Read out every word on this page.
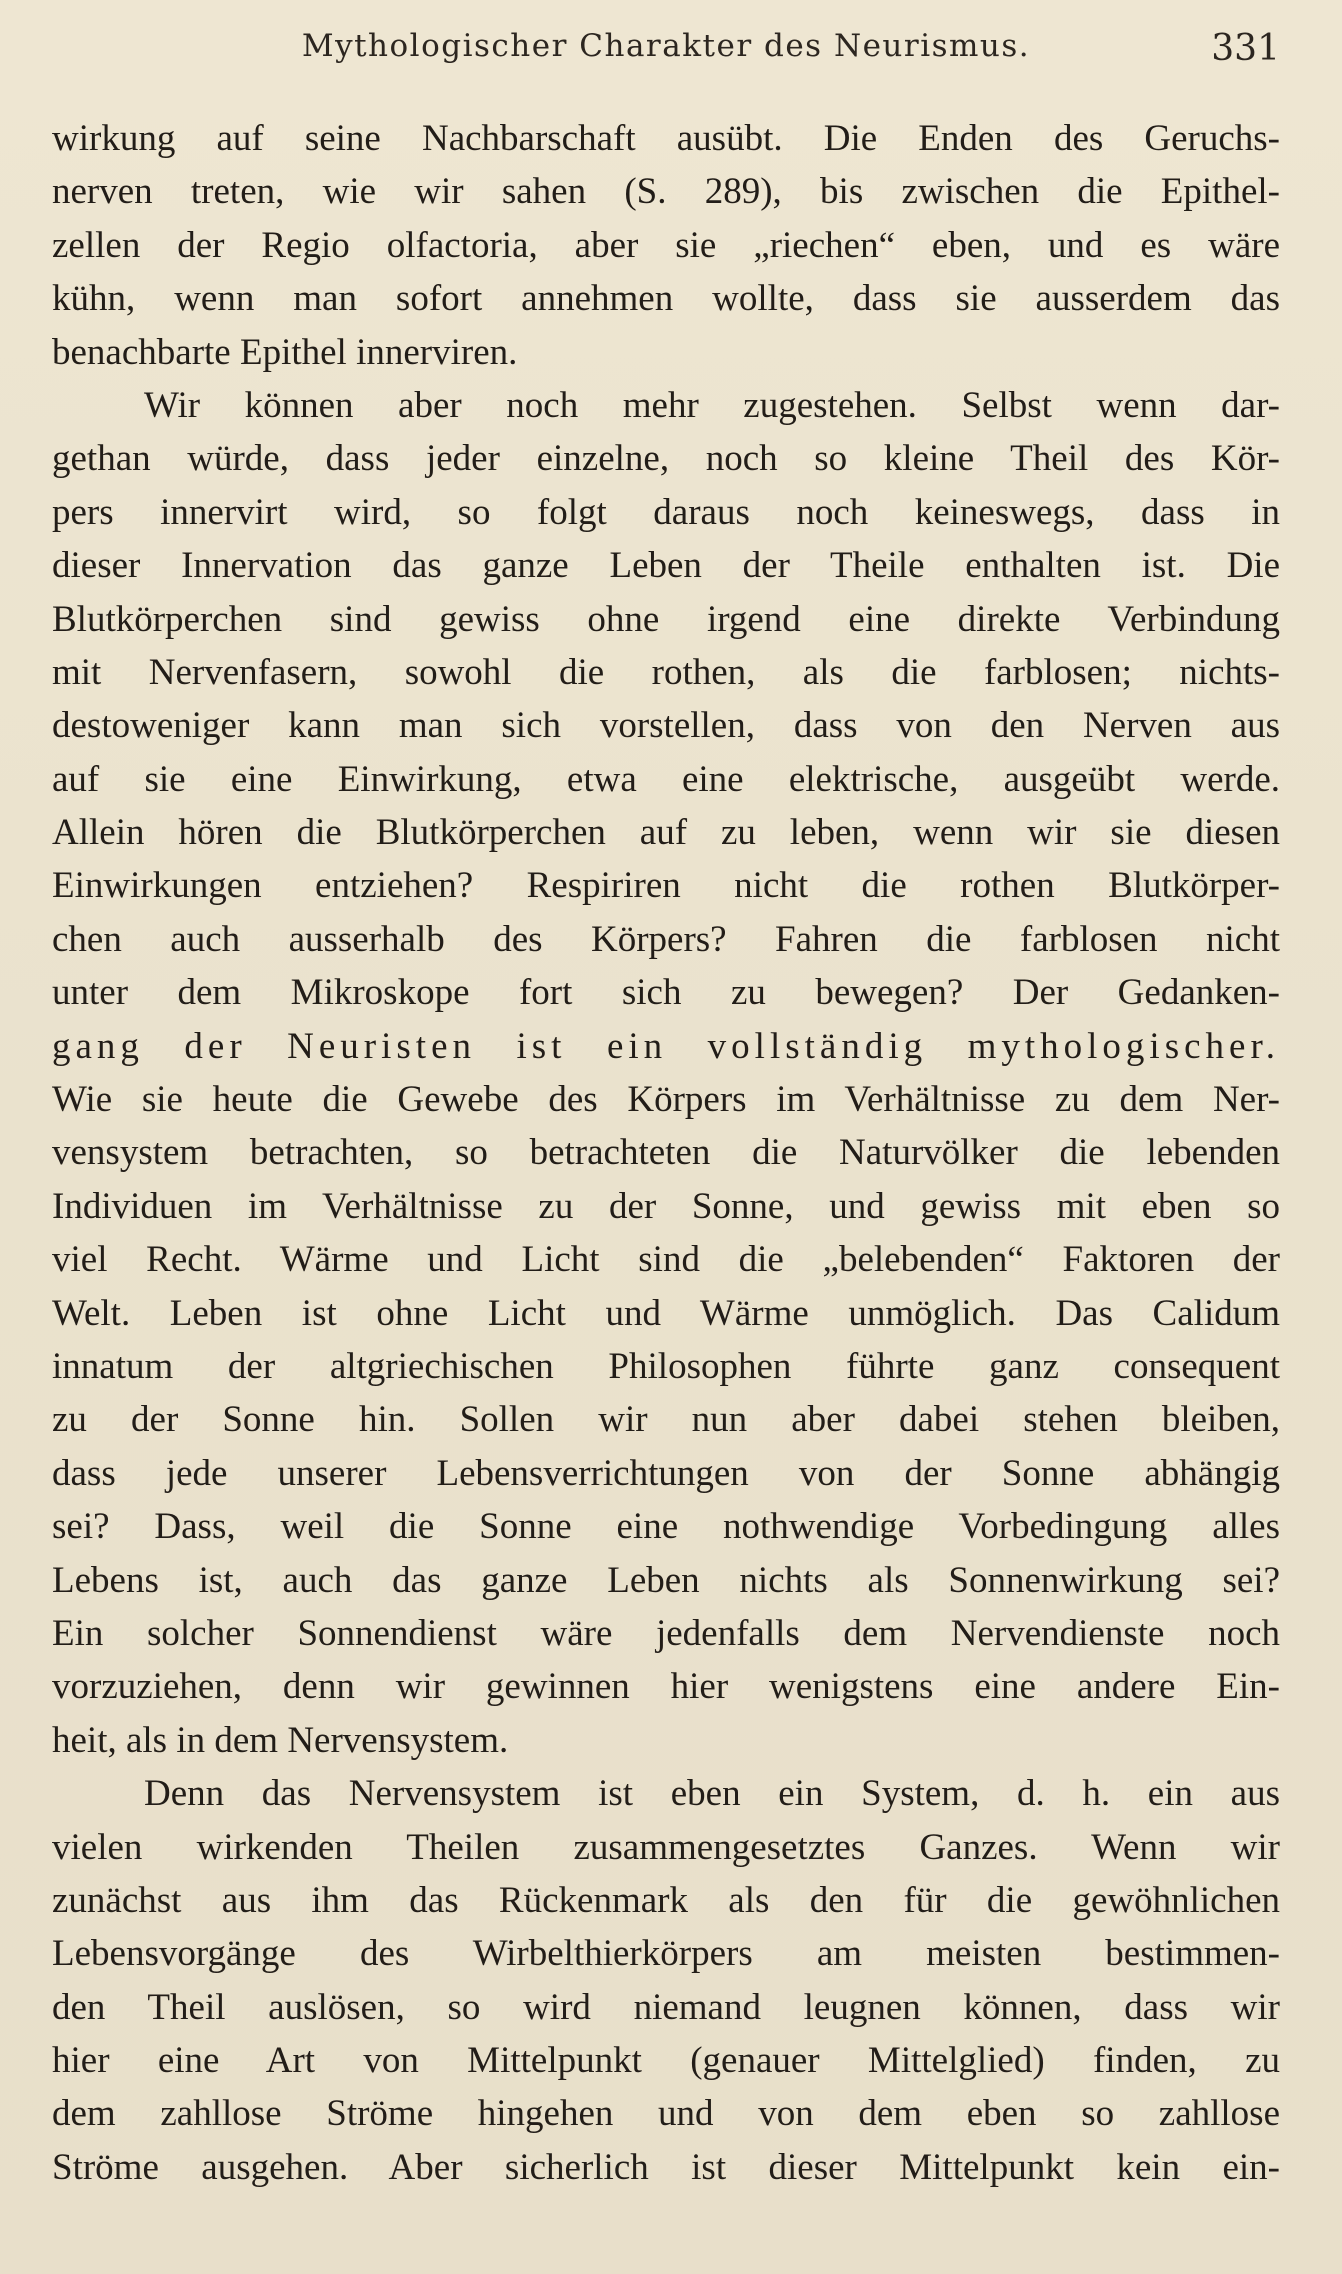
Mythologischer Charakter des Neurismus.	331
wirkung auf seine Nachbarschaft ausübt. Die Enden des Geruchs-
nerven treten, wie wir sahen (S. 289), bis zwischen die Epithel-
zellen der Regio olfactoria, aber sie „riechen“ eben, und es wäre
kühn, wenn man sofort annehmen wollte, dass sie ausserdem das
benachbarte Epithel innerviren.
Wir können aber noch mehr zugestehen. Selbst wenn dar-
gethan würde, dass jeder einzelne, noch so kleine Theil des Kör-
pers innervirt wird, so folgt daraus noch keineswegs, dass in
dieser Innervation das ganze Leben der Theile enthalten ist. Die
Blutkörperchen sind gewiss ohne irgend eine direkte Verbindung
mit Nervenfasern, sowohl die rothen, als die farblosen; nichts-
destoweniger kann man sich vorstellen, dass von den Nerven aus
auf sie eine Einwirkung, etwa eine elektrische, ausgeübt werde.
Allein hören die Blutkörperchen auf zu leben, wenn wir sie diesen
Einwirkungen entziehen? Respiriren nicht die rothen Blutkörper-
chen auch ausserhalb des Körpers? Fahren die farblosen nicht
unter dem Mikroskope fort sich zu bewegen? Der Gedanken-
gang der Neuristen ist ein vollständig mythologischer.
Wie sie heute die Gewebe des Körpers im Verhältnisse zu dem Ner-
vensystem betrachten, so betrachteten die Naturvölker die lebenden
Individuen im Verhältnisse zu der Sonne, und gewiss mit eben so
viel Recht. Wärme und Licht sind die „belebenden“ Faktoren der
Welt. Leben ist ohne Licht und Wärme unmöglich. Das Calidum
innatum der altgriechischen Philosophen führte ganz consequent
zu der Sonne hin. Sollen wir nun aber dabei stehen bleiben,
dass jede unserer Lebensverrichtungen von der Sonne abhängig
sei? Dass, weil die Sonne eine nothwendige Vorbedingung alles
Lebens ist, auch das ganze Leben nichts als Sonnenwirkung sei?
Ein solcher Sonnendienst wäre jedenfalls dem Nervendienste noch
vorzuziehen, denn wir gewinnen hier wenigstens eine andere Ein-
heit, als in dem Nervensystem.
Denn das Nervensystem ist eben ein System, d. h. ein aus
vielen wirkenden Theilen zusammengesetztes Ganzes. Wenn wir
zunächst aus ihm das Rückenmark als den für die gewöhnlichen
Lebensvorgänge des Wirbelthierkörpers am meisten bestimmen-
den Theil auslösen, so wird niemand leugnen können, dass wir
hier eine Art von Mittelpunkt (genauer Mittelglied) finden, zu
dem zahllose Ströme hingehen und von dem eben so zahllose
Ströme ausgehen. Aber sicherlich ist dieser Mittelpunkt kein ein-
